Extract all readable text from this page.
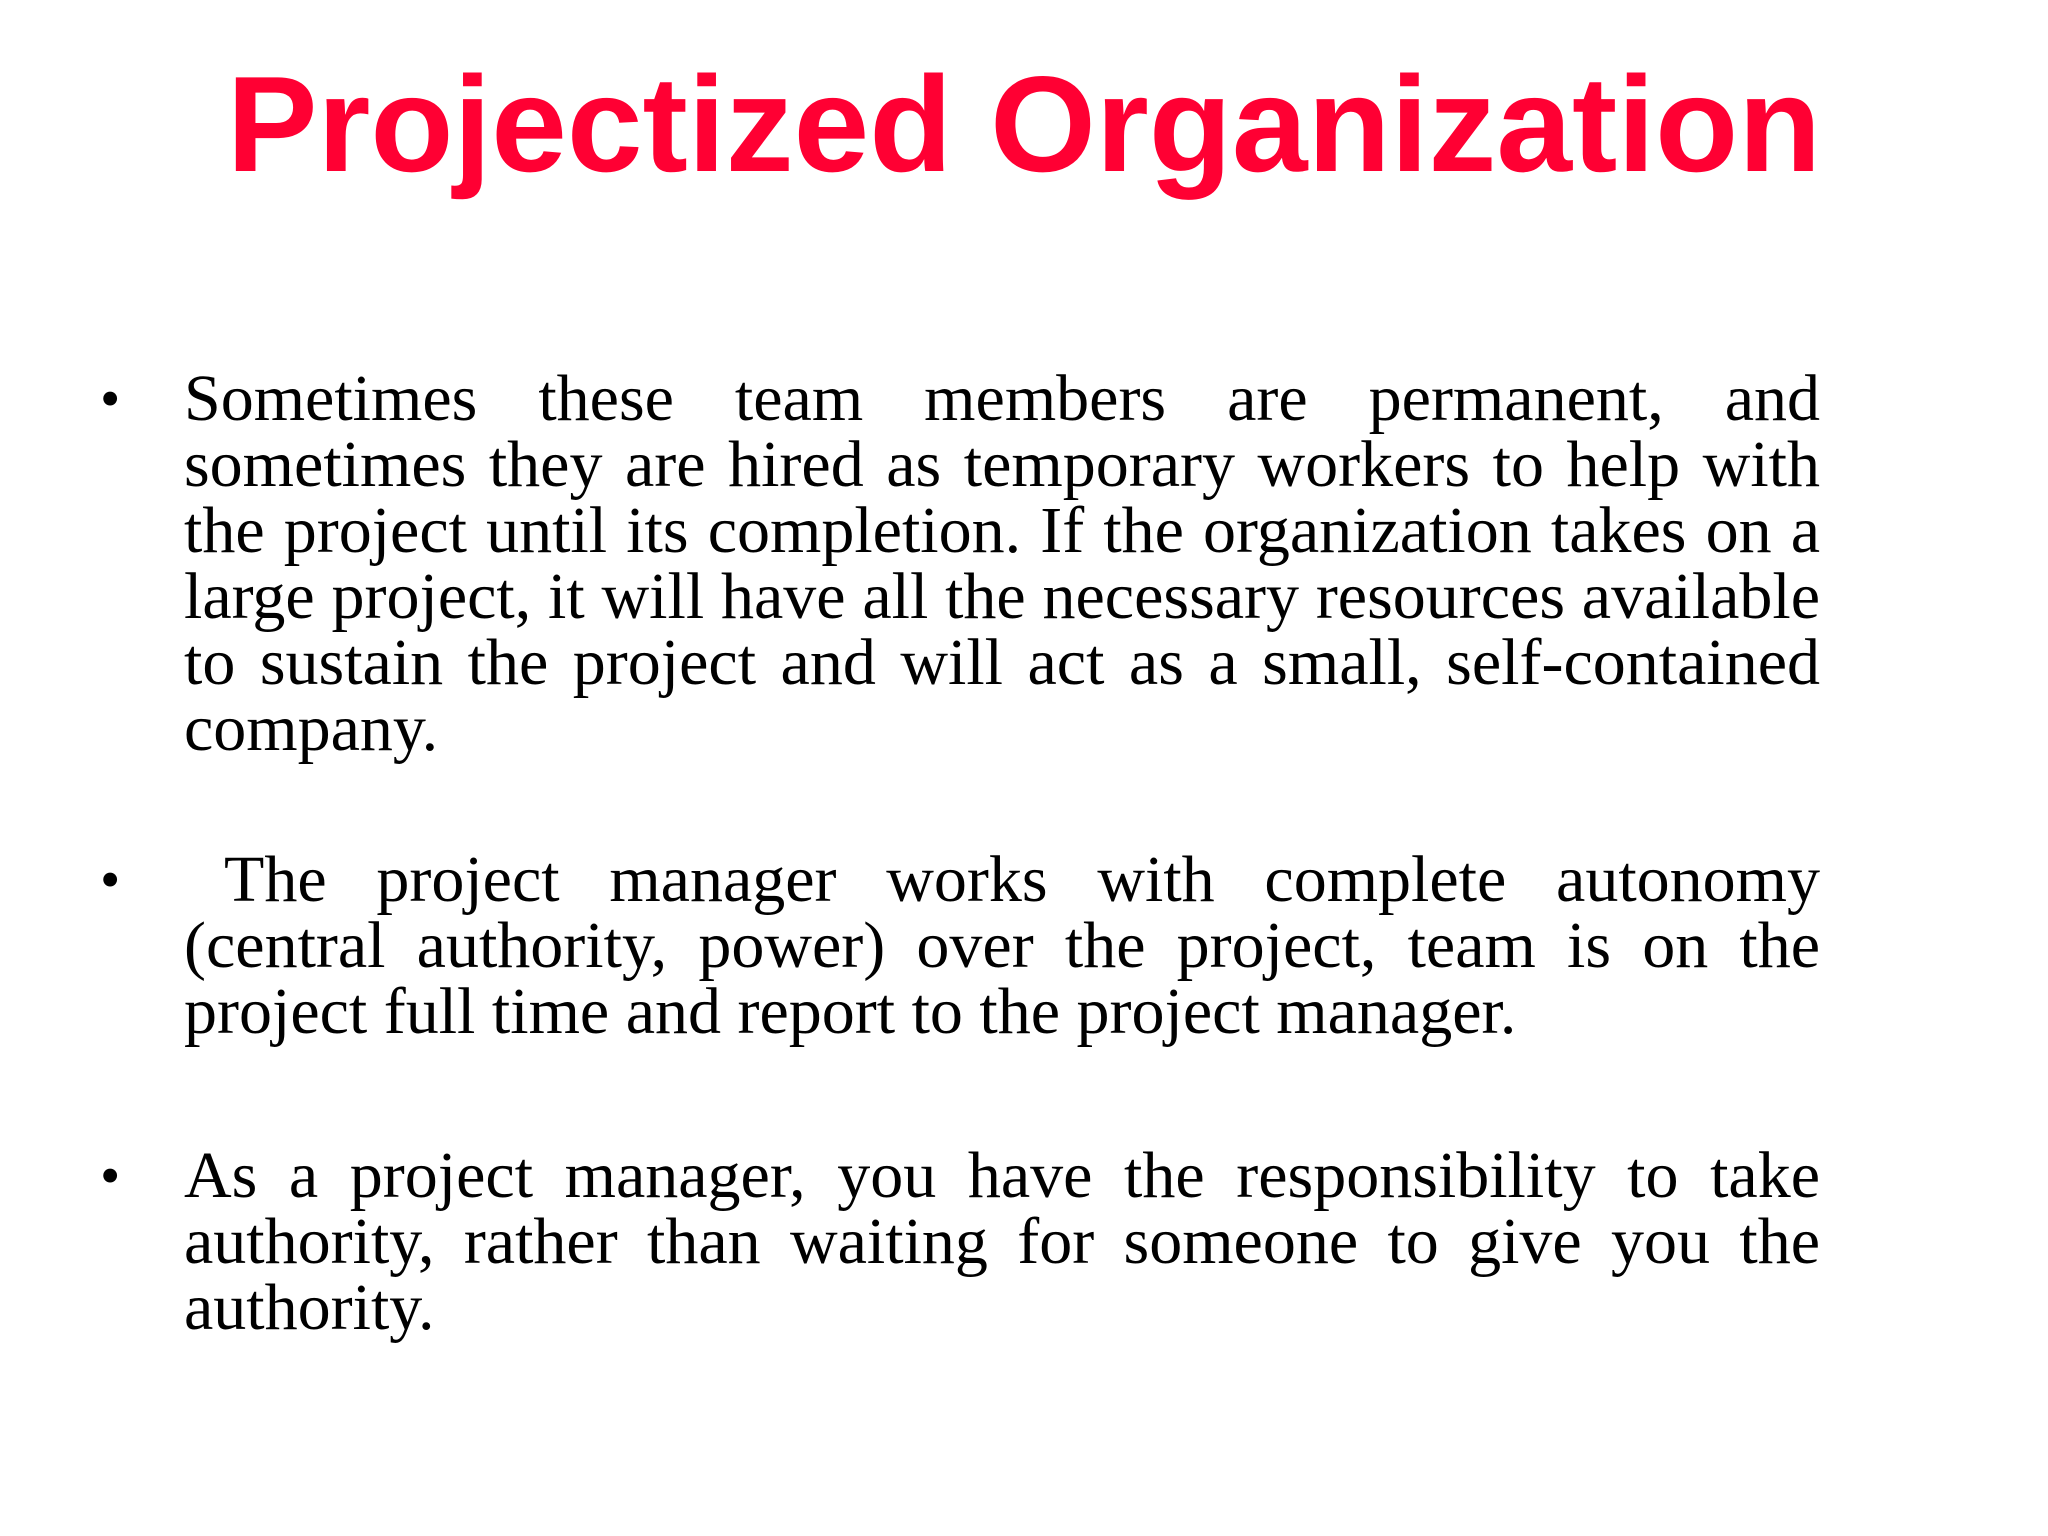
Projectized Organization
• Sometimes these team members are permanent, and sometimes they are hired as temporary workers to help with the project until its completion. If the organization takes on a large project, it will have all the necessary resources available to sustain the project and will act as a small, self-contained company.
•	The project manager works with complete autonomy (central authority, power) over the project, team is on the project full time and report to the project manager.
• As a project manager, you have the responsibility to take authority, rather than waiting for someone to give you the authority.
